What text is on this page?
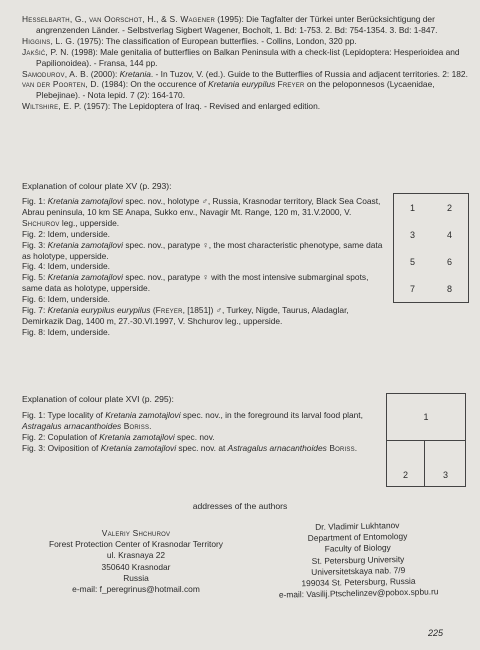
Hesselbarth, G., van Oorschot, H., & S. Wagener (1995): Die Tagfalter der Türkei unter Berücksichtigung der angrenzenden Länder. - Selbstverlag Sigbert Wagener, Bocholt, 1. Bd: 1-753. 2. Bd: 754-1354. 3. Bd: 1-847.
Higgins, L. G. (1975): The classification of European butterflies. - Collins, London, 320 pp.
Jakšić, P. N. (1998): Male genitalia of butterflies on Balkan Peninsula with a check-list (Lepidoptera: Hesperioidea and Papilionoidea). - Fransa, 144 pp.
Samodurov, A. B. (2000): Kretania. - In Tuzov, V. (ed.). Guide to the Butterflies of Russia and adjacent territories. 2: 182.
van der Poorten, D. (1984): On the occurence of Kretania eurypilus Freyer on the peloponnesos (Lycaenidae, Plebejinae). - Nota lepid. 7 (2): 164-170.
Wiltshire, E. P. (1957): The Lepidoptera of Iraq. - Revised and enlarged edition.
Explanation of colour plate XV (p. 293):
Fig. 1: Kretania zamotajlovi spec. nov., holotype ♂, Russia, Krasnodar territory, Black Sea Coast, Abrau peninsula, 10 km SE Anapa, Sukko env., Navagir Mt. Range, 120 m, 31.V.2000, V. Shchurov leg., upperside.
Fig. 2: Idem, underside.
Fig. 3: Kretania zamotajlovi spec. nov., paratype ♀, the most characteristic phenotype, same data as holotype, upperside.
Fig. 4: Idem, underside.
Fig. 5: Kretania zamotajlovi spec. nov., paratype ♀ with the most intensive submarginal spots, same data as holotype, upperside.
Fig. 6: Idem, underside.
Fig. 7: Kretania eurypilus eurypilus (Freyer, [1851]) ♂, Turkey, Nigde, Taurus, Aladaglar, Demirkazik Dag, 1400 m, 27.-30.VI.1997, V. Shchurov leg., upperside.
Fig. 8: Idem, underside.
1	2
3	4
5	6
7	8
Explanation of colour plate XVI (p. 295):
Fig. 1: Type locality of Kretania zamotajlovi spec. nov., in the foreground its larval food plant, Astragalus arnacanthoides Boriss.
Fig. 2: Copulation of Kretania zamotajlovi spec. nov.
Fig. 3: Oviposition of Kretania zamotajlovi spec. nov. at Astragalus arnacanthoides Boriss.
1
2	3
addresses of the authors
Valeriy Shchurov
Forest Protection Center of Krasnodar Territory
ul. Krasnaya 22
350640 Krasnodar
Russia
e-mail: f_peregrinus@hotmail.com
Dr. Vladimir Lukhtanov
Department of Entomology
Faculty of Biology
St. Petersburg University
Universitetskaya nab. 7/9
199034 St. Petersburg, Russia
e-mail: Vasilij.Ptschelinzev@pobox.spbu.ru
225
